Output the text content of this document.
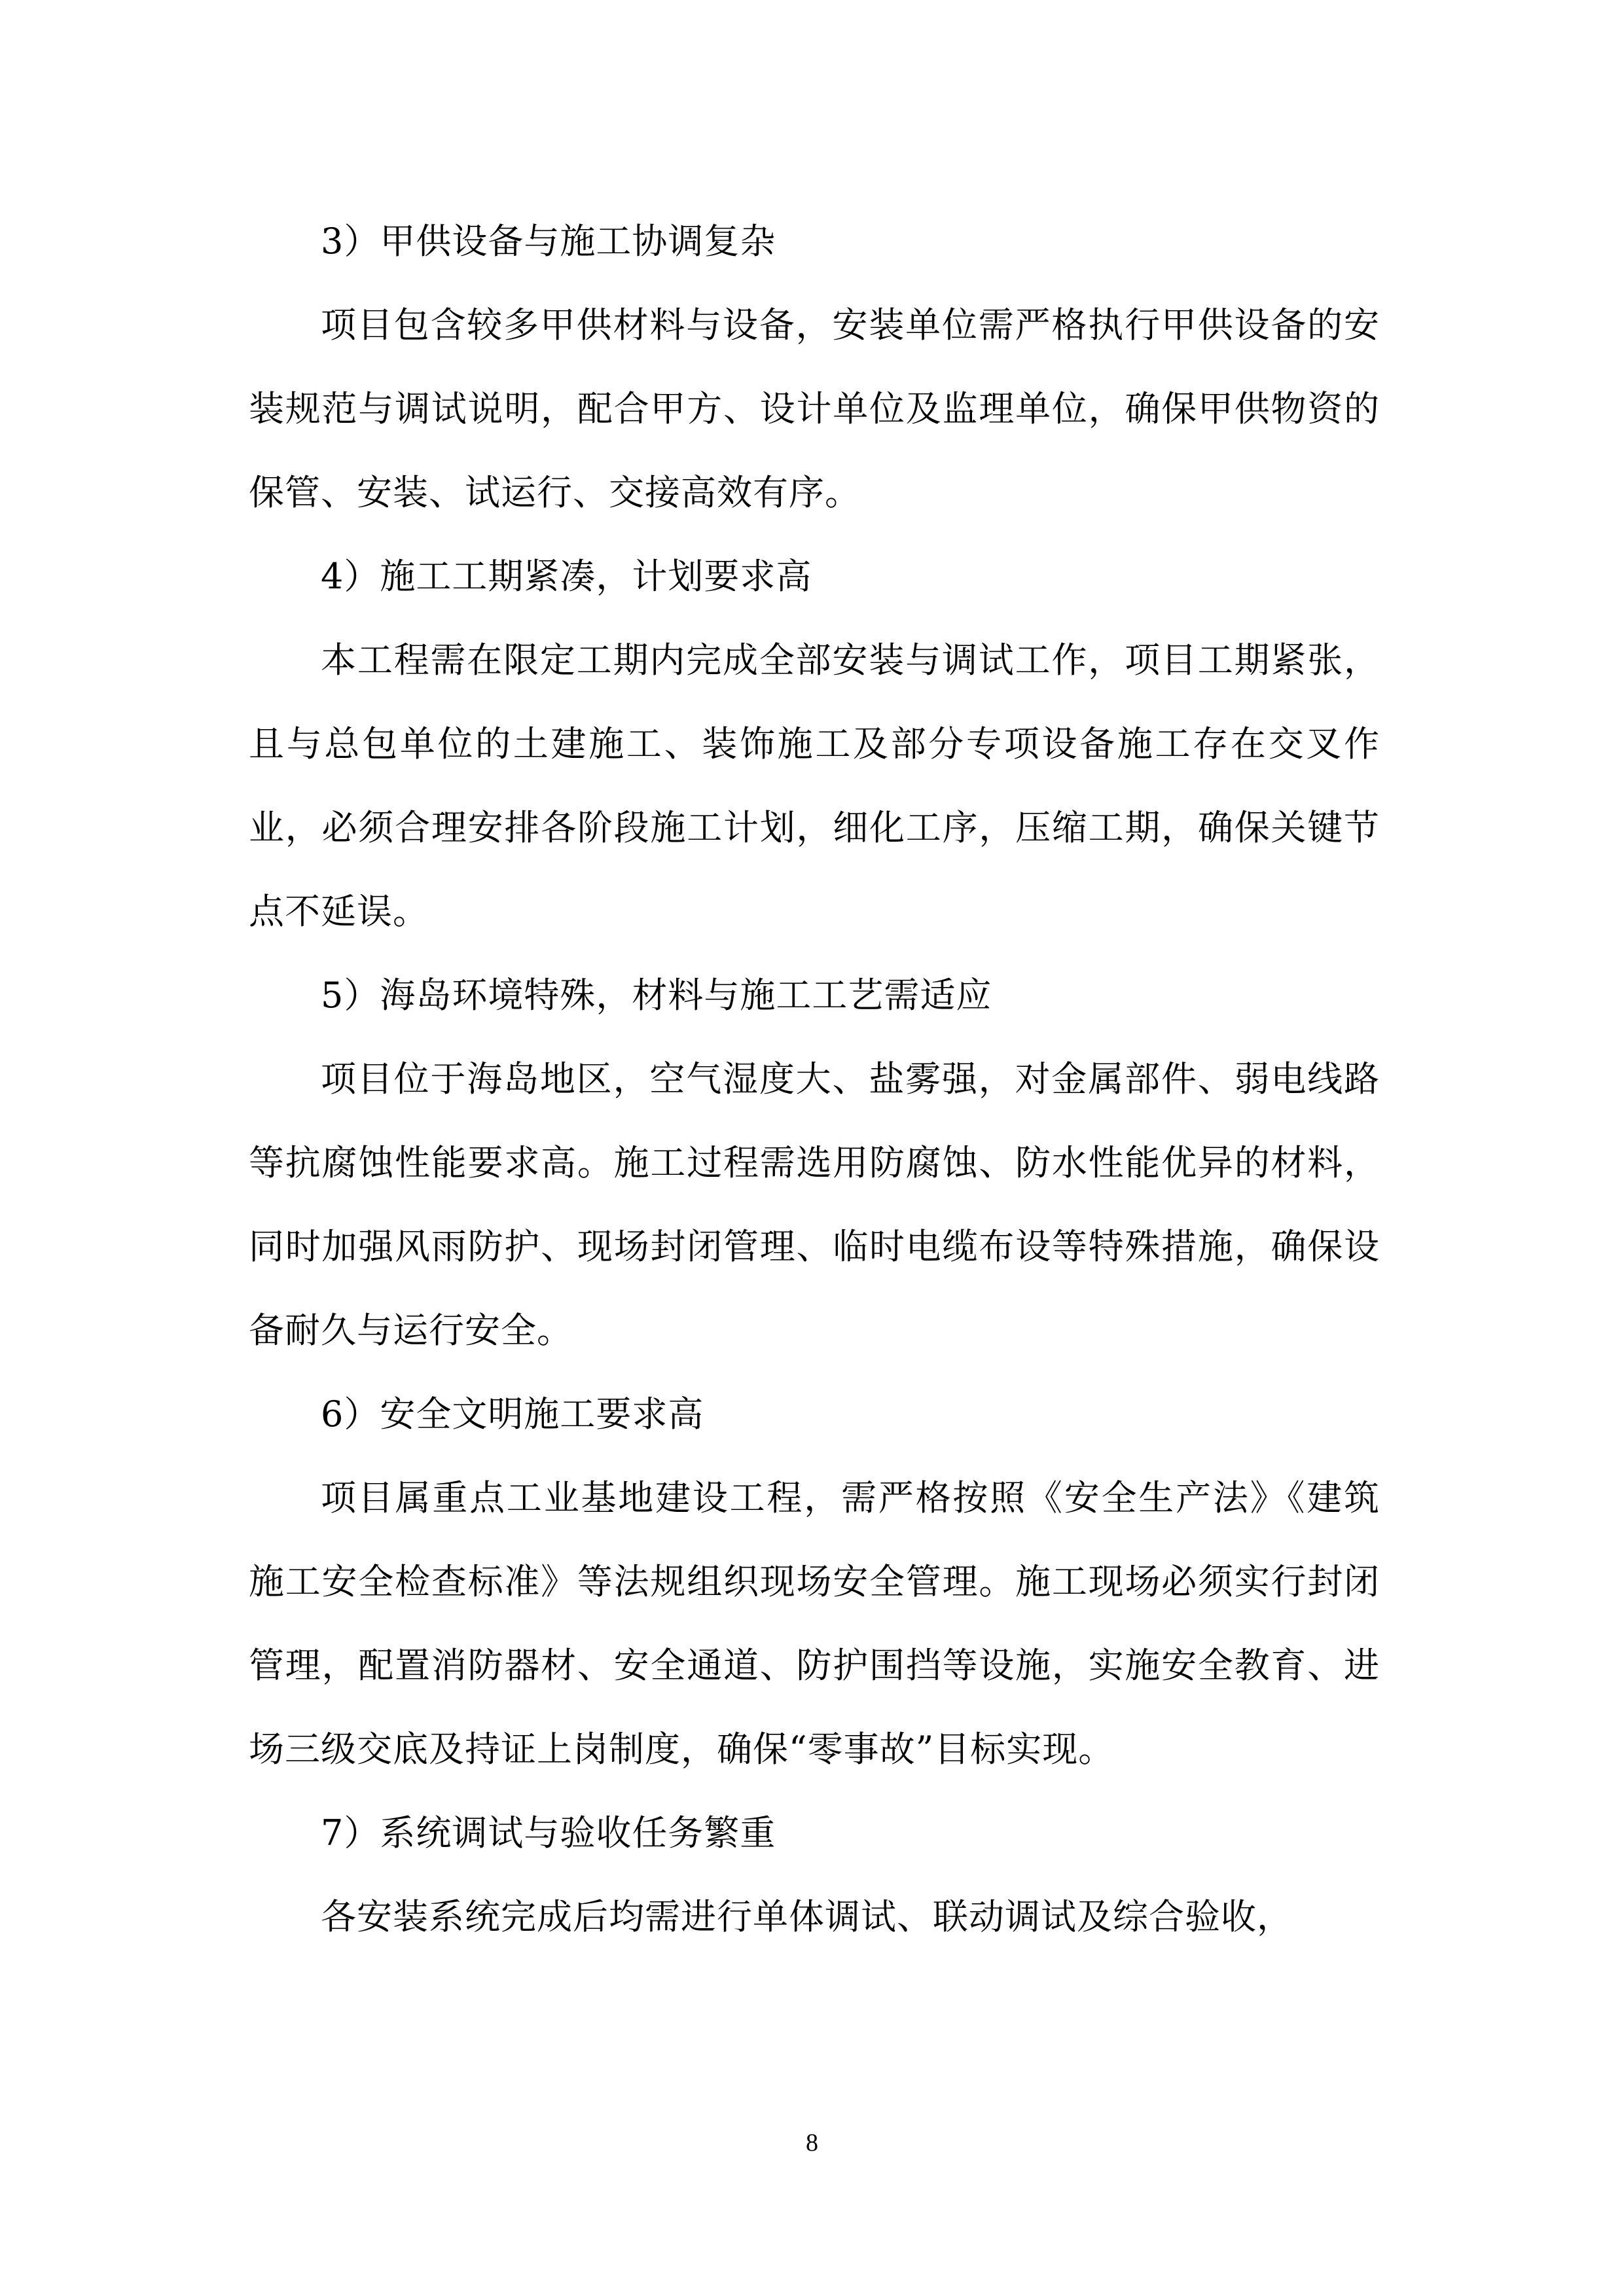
3）甲供设备与施工协调复杂

项目包含较多甲供材料与设备，安装单位需严格执行甲供设备的安装规范与调试说明，配合甲方、设计单位及监理单位，确保甲供物资的保管、安装、试运行、交接高效有序。

4）施工工期紧凑，计划要求高

本工程需在限定工期内完成全部安装与调试工作，项目工期紧张，且与总包单位的土建施工、装饰施工及部分专项设备施工存在交叉作业，必须合理安排各阶段施工计划，细化工序，压缩工期，确保关键节点不延误。

5）海岛环境特殊，材料与施工工艺需适应

项目位于海岛地区，空气湿度大、盐雾强，对金属部件、弱电线路等抗腐蚀性能要求高。施工过程需选用防腐蚀、防水性能优异的材料，同时加强风雨防护、现场封闭管理、临时电缆布设等特殊措施，确保设备耐久与运行安全。

6）安全文明施工要求高

项目属重点工业基地建设工程，需严格按照《安全生产法》《建筑施工安全检查标准》等法规组织现场安全管理。施工现场必须实行封闭管理，配置消防器材、安全通道、防护围挡等设施，实施安全教育、进场三级交底及持证上岗制度，确保“零事故”目标实现。

7）系统调试与验收任务繁重

各安装系统完成后均需进行单体调试、联动调试及综合验收，

8
